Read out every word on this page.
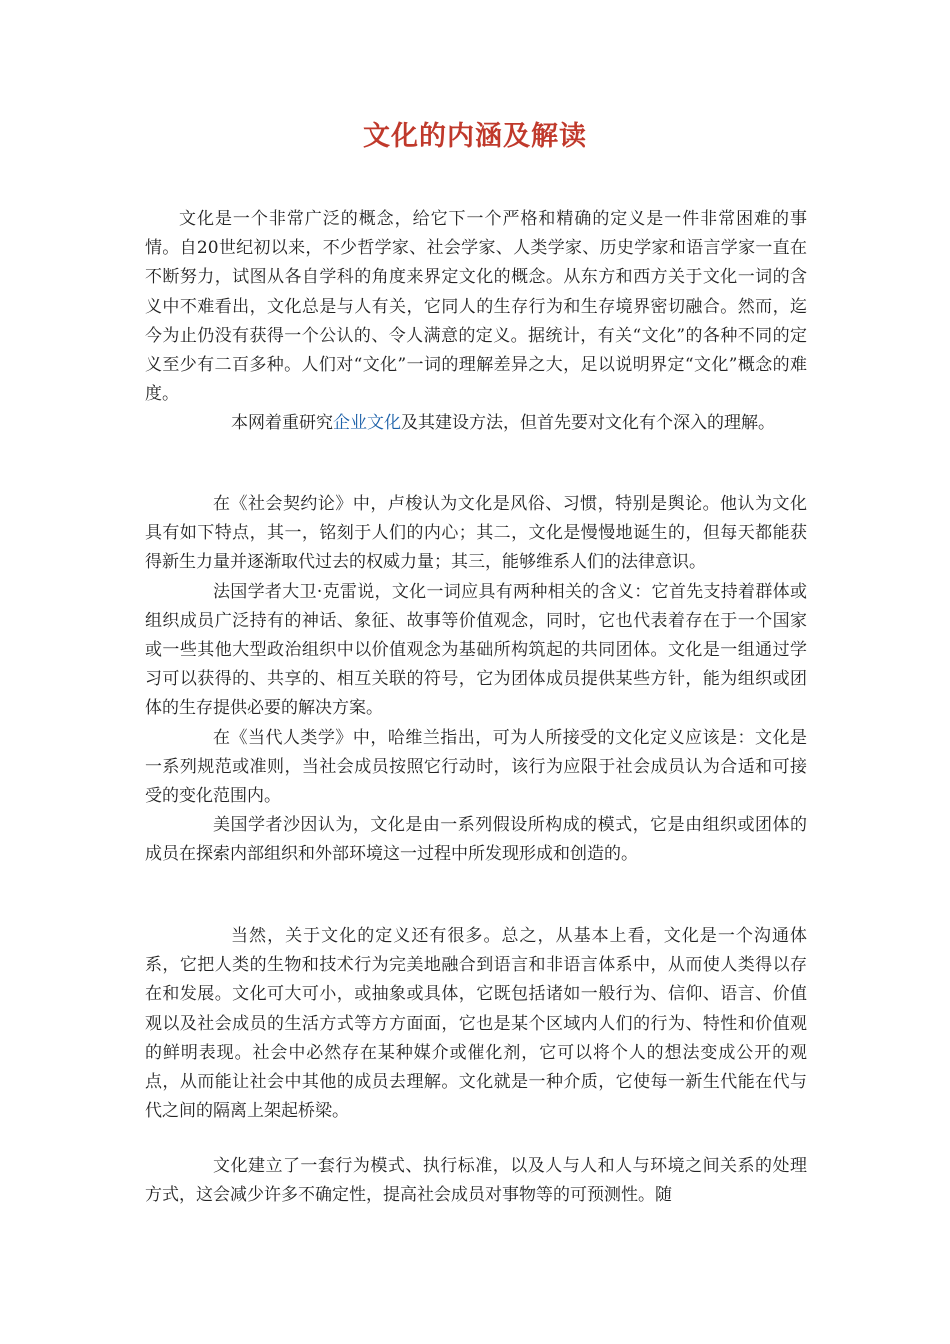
文化的内涵及解读

文化是一个非常广泛的概念，给它下一个严格和精确的定义是一件非常困难的事情。自20世纪初以来，不少哲学家、社会学家、人类学家、历史学家和语言学家一直在不断努力，试图从各自学科的角度来界定文化的概念。从东方和西方关于文化一词的含义中不难看出，文化总是与人有关，它同人的生存行为和生存境界密切融合。然而，迄今为止仍没有获得一个公认的、令人满意的定义。据统计，有关“文化”的各种不同的定义至少有二百多种。人们对“文化”一词的理解差异之大，足以说明界定“文化”概念的难度。

本网着重研究企业文化及其建设方法，但首先要对文化有个深入的理解。

在《社会契约论》中，卢梭认为文化是风俗、习惯，特别是舆论。他认为文化具有如下特点，其一，铭刻于人们的内心；其二，文化是慢慢地诞生的，但每天都能获得新生力量并逐渐取代过去的权威力量；其三，能够维系人们的法律意识。

法国学者大卫·克雷说，文化一词应具有两种相关的含义：它首先支持着群体或组织成员广泛持有的神话、象征、故事等价值观念，同时，它也代表着存在于一个国家或一些其他大型政治组织中以价值观念为基础所构筑起的共同团体。文化是一组通过学习可以获得的、共享的、相互关联的符号，它为团体成员提供某些方针，能为组织或团体的生存提供必要的解决方案。

在《当代人类学》中，哈维兰指出，可为人所接受的文化定义应该是：文化是一系列规范或准则，当社会成员按照它行动时，该行为应限于社会成员认为合适和可接受的变化范围内。

美国学者沙因认为，文化是由一系列假设所构成的模式，它是由组织或团体的成员在探索内部组织和外部环境这一过程中所发现形成和创造的。

当然，关于文化的定义还有很多。总之，从基本上看，文化是一个沟通体系，它把人类的生物和技术行为完美地融合到语言和非语言体系中，从而使人类得以存在和发展。文化可大可小，或抽象或具体，它既包括诸如一般行为、信仰、语言、价值观以及社会成员的生活方式等方方面面，它也是某个区域内人们的行为、特性和价值观的鲜明表现。社会中必然存在某种媒介或催化剂，它可以将个人的想法变成公开的观点，从而能让社会中其他的成员去理解。文化就是一种介质，它使每一新生代能在代与代之间的隔离上架起桥梁。

文化建立了一套行为模式、执行标准，以及人与人和人与环境之间关系的处理方式，这会减少许多不确定性，提高社会成员对事物等的可预测性。随
